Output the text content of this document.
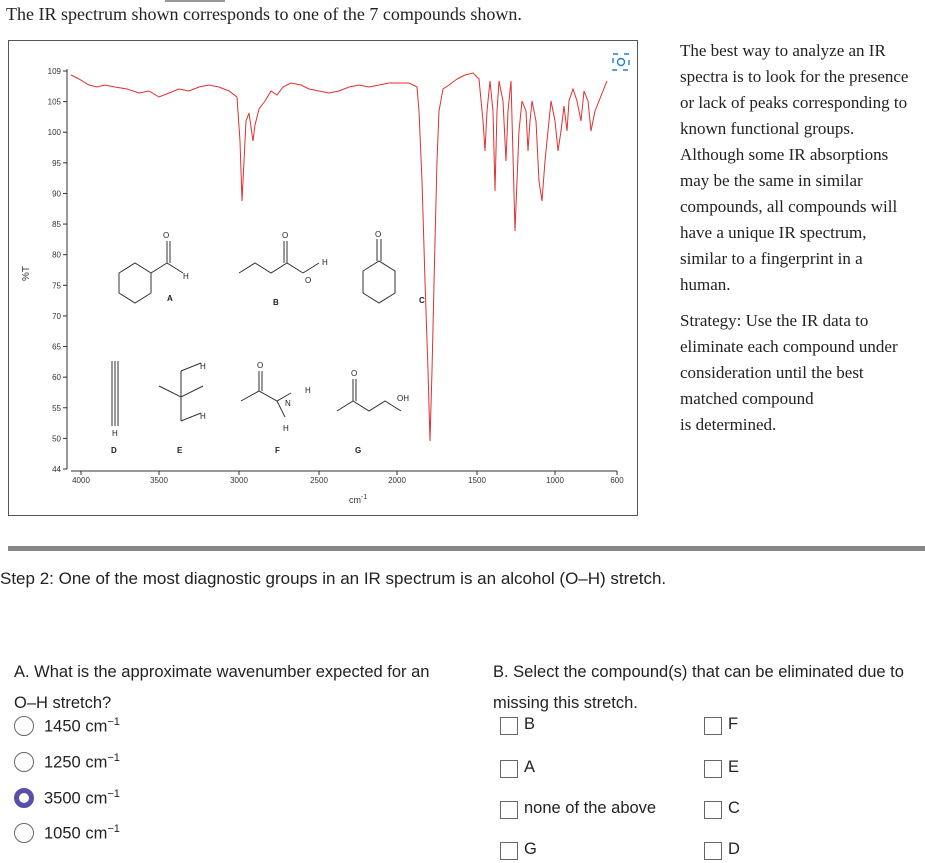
The IR spectrum shown corresponds to one of the 7 compounds shown.
%T
109
105
100
95
90
85
80
75
70
65
60
55
50
44
4000	3500	3000	2500	2000	1500	1000	600
$cm^{-1}$
O
H
O
O
H
O
H
H
H
O
N
H
H
O
OH
A	B	C
D	E	F	G

The best way to analyze an IR spectra is to look for the presence or lack of peaks corresponding to known functional groups. Although some IR absorptions may be the same in similar compounds, all compounds will have a unique IR spectrum, similar to a fingerprint in a human.

Strategy: Use the IR data to eliminate each compound under consideration until the best matched compound
is determined.

Step 2: One of the most diagnostic groups in an IR spectrum is an alcohol (O–H) stretch.
A. What is the approximate wavenumber expected for an O–H stretch?
1450 $cm^{-1}$
1250 $cm^{-1}$
3500 $cm^{-1}$
1050 $cm^{-1}$
B. Select the compound(s) that can be eliminated due to missing this stretch.
B	F
A	E
none of the above	C
G	D
